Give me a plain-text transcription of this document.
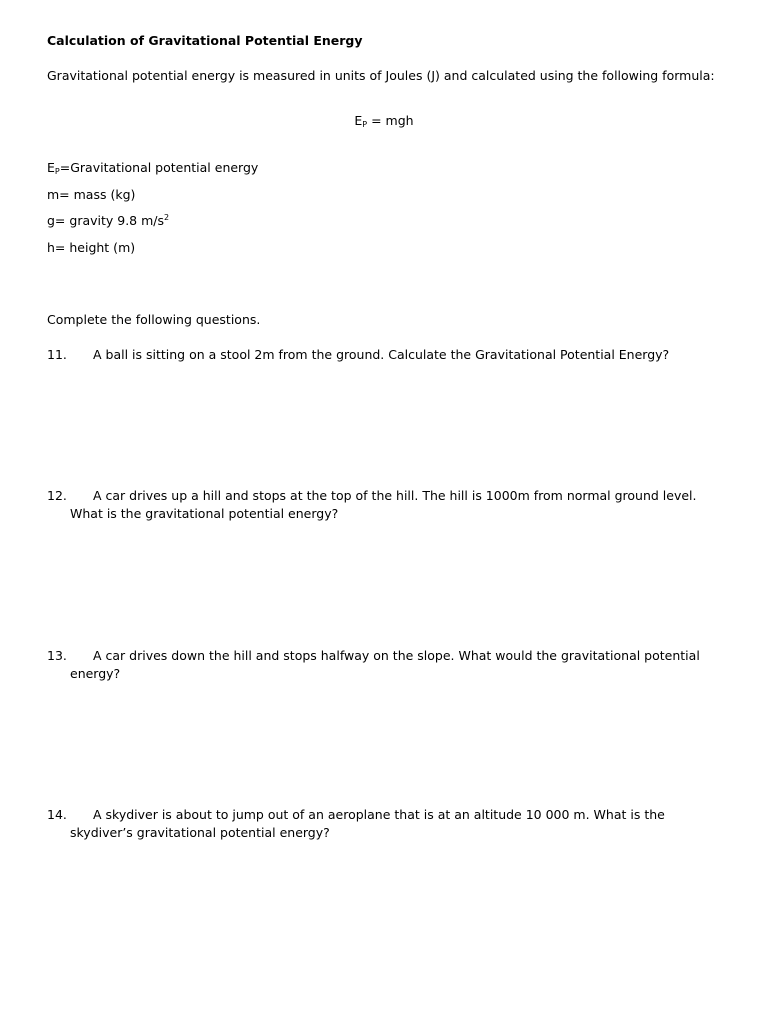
Calculation of Gravitational Potential Energy
Gravitational potential energy is measured in units of Joules (J) and calculated using the following formula:
EP = mgh
EP=Gravitational potential energy
m= mass (kg)
g= gravity 9.8 $m/s^2$
h= height (m)
Complete the following questions.
11. A ball is sitting on a stool 2m from the ground. Calculate the Gravitational Potential Energy?
12. A car drives up a hill and stops at the top of the hill. The hill is 1000m from normal ground level.
What is the gravitational potential energy?
13. A car drives down the hill and stops halfway on the slope. What would the gravitational potential
energy?
14. A skydiver is about to jump out of an aeroplane that is at an altitude 10 000 m. What is the
skydiver’s gravitational potential energy?
